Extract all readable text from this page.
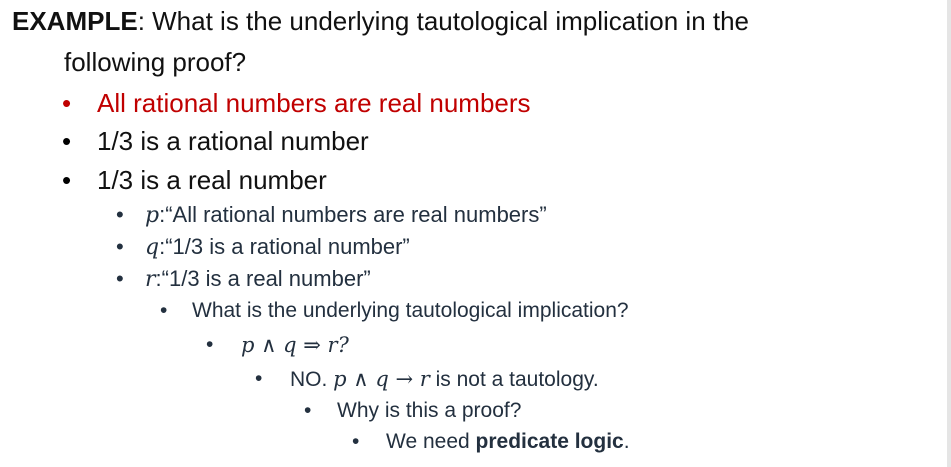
EXAMPLE: What is the underlying tautological implication in the
following proof?
• All rational numbers are real numbers
• 1/3 is a rational number
• 1/3 is a real number
• p:“All rational numbers are real numbers”
• q:“1/3 is a rational number”
• r:“1/3 is a real number”
• What is the underlying tautological implication?
• p ∧ q ⇒ r?
• NO. p ∧ q → r is not a tautology.
• Why is this a proof?
• We need predicate logic.
